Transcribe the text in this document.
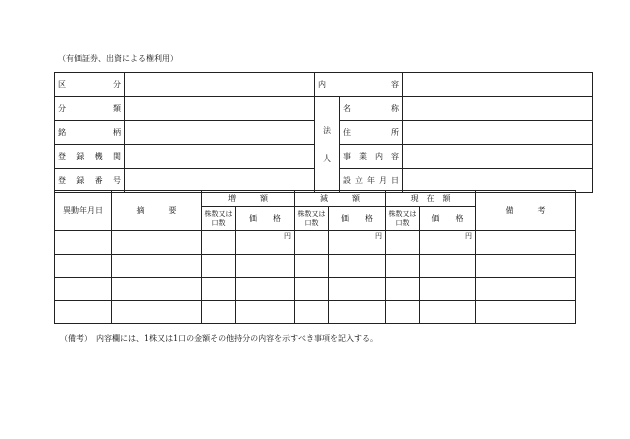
（有価証券、出資による権利用）
区　　　　分		内　　　　容		
分　　　　類		法　　人	名　　　　称	
銘　　　　柄			住　　　　所	
登　録　機　関			事　業　内　容	
登　録　番　号			設立年月日	
異動年月日	摘　　　要	増　　　額		減　　　額		現　在　額		備　　　考
		株数又は口数	価　　格	株数又は口数	価　　格	株数又は口数	価　　格	
			円		円		円	

（備考）　内容欄には、1株又は1口の金額その他持分の内容を示すべき事項を記入する。
